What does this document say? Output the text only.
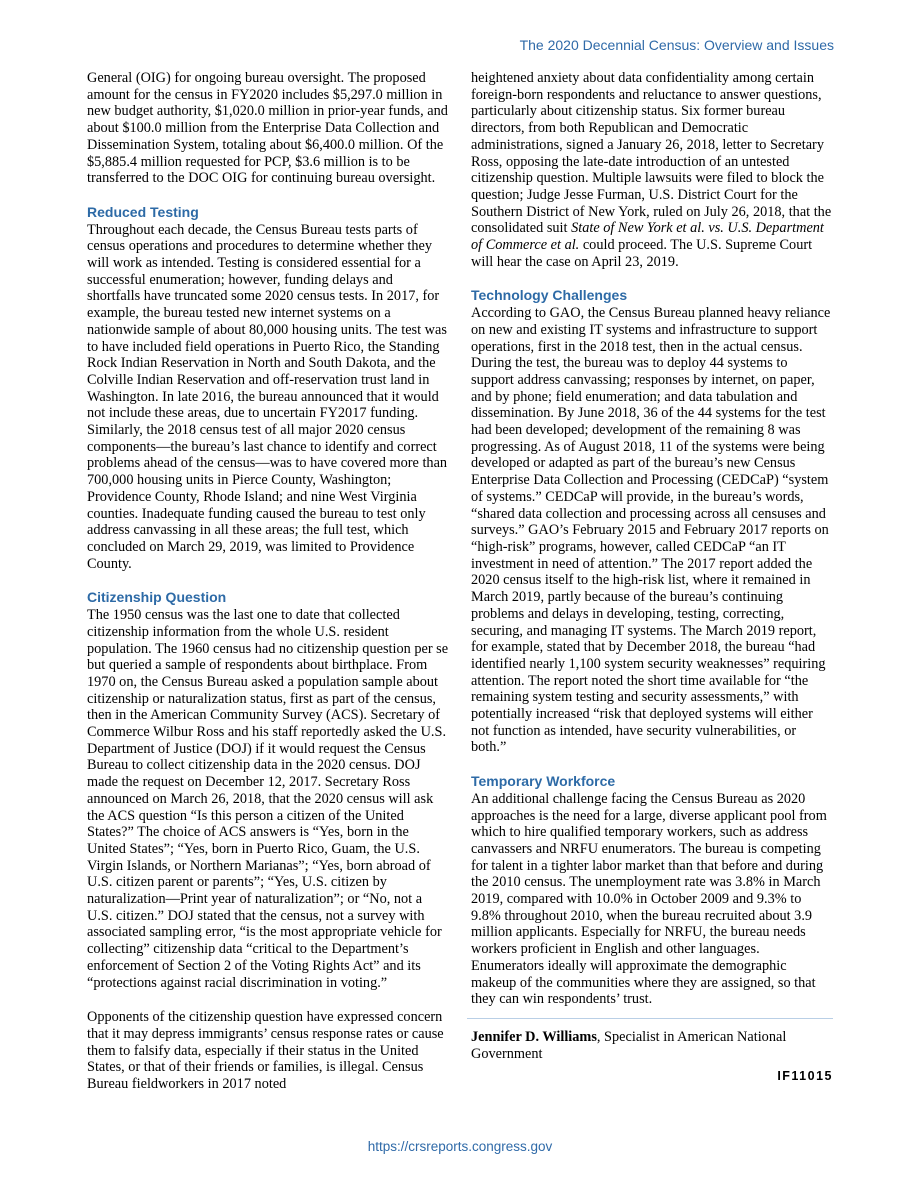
The 2020 Decennial Census: Overview and Issues

General (OIG) for ongoing bureau oversight. The proposed amount for the census in FY2020 includes $5,297.0 million in new budget authority, $1,020.0 million in prior-year funds, and about $100.0 million from the Enterprise Data Collection and Dissemination System, totaling about $6,400.0 million. Of the $5,885.4 million requested for PCP, $3.6 million is to be transferred to the DOC OIG for continuing bureau oversight.

Reduced Testing

Throughout each decade, the Census Bureau tests parts of census operations and procedures to determine whether they will work as intended. Testing is considered essential for a successful enumeration; however, funding delays and shortfalls have truncated some 2020 census tests. In 2017, for example, the bureau tested new internet systems on a nationwide sample of about 80,000 housing units. The test was to have included field operations in Puerto Rico, the Standing Rock Indian Reservation in North and South Dakota, and the Colville Indian Reservation and off-reservation trust land in Washington. In late 2016, the bureau announced that it would not include these areas, due to uncertain FY2017 funding. Similarly, the 2018 census test of all major 2020 census components—the bureau’s last chance to identify and correct problems ahead of the census—was to have covered more than 700,000 housing units in Pierce County, Washington; Providence County, Rhode Island; and nine West Virginia counties. Inadequate funding caused the bureau to test only address canvassing in all these areas; the full test, which concluded on March 29, 2019, was limited to Providence County.

Citizenship Question

The 1950 census was the last one to date that collected citizenship information from the whole U.S. resident population. The 1960 census had no citizenship question per se but queried a sample of respondents about birthplace. From 1970 on, the Census Bureau asked a population sample about citizenship or naturalization status, first as part of the census, then in the American Community Survey (ACS). Secretary of Commerce Wilbur Ross and his staff reportedly asked the U.S. Department of Justice (DOJ) if it would request the Census Bureau to collect citizenship data in the 2020 census. DOJ made the request on December 12, 2017. Secretary Ross announced on March 26, 2018, that the 2020 census will ask the ACS question “Is this person a citizen of the United States?” The choice of ACS answers is “Yes, born in the United States”; “Yes, born in Puerto Rico, Guam, the U.S. Virgin Islands, or Northern Marianas”; “Yes, born abroad of U.S. citizen parent or parents”; “Yes, U.S. citizen by naturalization—Print year of naturalization”; or “No, not a U.S. citizen.” DOJ stated that the census, not a survey with associated sampling error, “is the most appropriate vehicle for collecting” citizenship data “critical to the Department’s enforcement of Section 2 of the Voting Rights Act” and its “protections against racial discrimination in voting.”

Opponents of the citizenship question have expressed concern that it may depress immigrants’ census response rates or cause them to falsify data, especially if their status in the United States, or that of their friends or families, is illegal. Census Bureau fieldworkers in 2017 noted

heightened anxiety about data confidentiality among certain foreign-born respondents and reluctance to answer questions, particularly about citizenship status. Six former bureau directors, from both Republican and Democratic administrations, signed a January 26, 2018, letter to Secretary Ross, opposing the late-date introduction of an untested citizenship question. Multiple lawsuits were filed to block the question; Judge Jesse Furman, U.S. District Court for the Southern District of New York, ruled on July 26, 2018, that the consolidated suit State of New York et al. vs. U.S. Department of Commerce et al. could proceed. The U.S. Supreme Court will hear the case on April 23, 2019.

Technology Challenges

According to GAO, the Census Bureau planned heavy reliance on new and existing IT systems and infrastructure to support operations, first in the 2018 test, then in the actual census. During the test, the bureau was to deploy 44 systems to support address canvassing; responses by internet, on paper, and by phone; field enumeration; and data tabulation and dissemination. By June 2018, 36 of the 44 systems for the test had been developed; development of the remaining 8 was progressing. As of August 2018, 11 of the systems were being developed or adapted as part of the bureau’s new Census Enterprise Data Collection and Processing (CEDCaP) “system of systems.” CEDCaP will provide, in the bureau’s words, “shared data collection and processing across all censuses and surveys.” GAO’s February 2015 and February 2017 reports on “high-risk” programs, however, called CEDCaP “an IT investment in need of attention.” The 2017 report added the 2020 census itself to the high-risk list, where it remained in March 2019, partly because of the bureau’s continuing problems and delays in developing, testing, correcting, securing, and managing IT systems. The March 2019 report, for example, stated that by December 2018, the bureau “had identified nearly 1,100 system security weaknesses” requiring attention. The report noted the short time available for “the remaining system testing and security assessments,” with potentially increased “risk that deployed systems will either not function as intended, have security vulnerabilities, or both.”

Temporary Workforce

An additional challenge facing the Census Bureau as 2020 approaches is the need for a large, diverse applicant pool from which to hire qualified temporary workers, such as address canvassers and NRFU enumerators. The bureau is competing for talent in a tighter labor market than that before and during the 2010 census. The unemployment rate was 3.8% in March 2019, compared with 10.0% in October 2009 and 9.3% to 9.8% throughout 2010, when the bureau recruited about 3.9 million applicants. Especially for NRFU, the bureau needs workers proficient in English and other languages. Enumerators ideally will approximate the demographic makeup of the communities where they are assigned, so that they can win respondents’ trust.

Jennifer D. Williams, Specialist in American National Government

IF11015
https://crsreports.congress.gov
